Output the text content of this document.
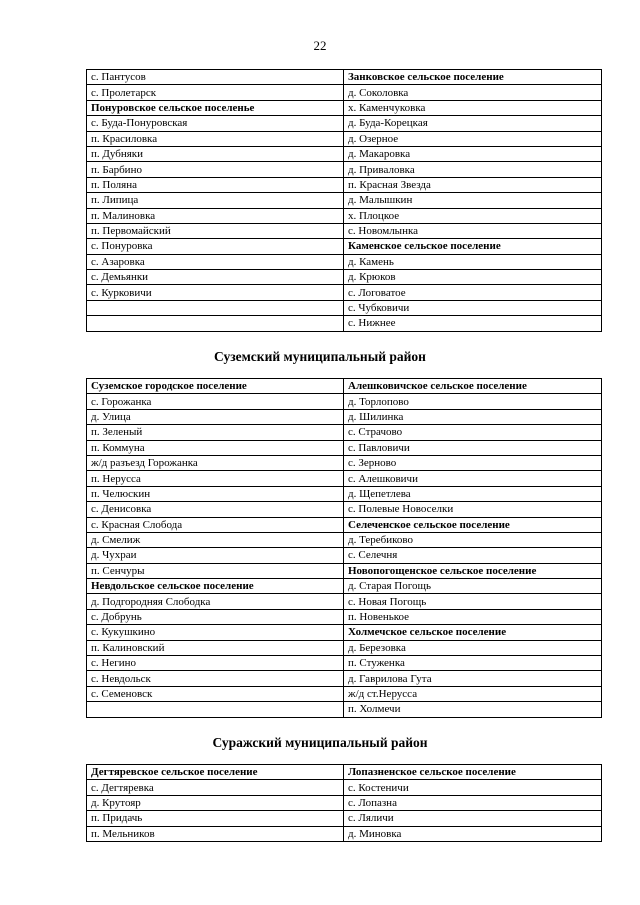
22
с. Пантусов	Занковское сельское поселение
с. Пролетарск	д. Соколовка
Понуровское сельское поселенье	х. Каменчуковка
с. Буда-Понуровская	д. Буда-Корецкая
п. Красиловка	д. Озерное
п. Дубняки	д. Макаровка
п. Барбино	д. Приваловка
п. Поляна	п. Красная Звезда
п. Липица	д. Малышкин
п. Малиновка	х. Плоцкое
п. Первомайский	с. Новомлынка
с. Понуровка	Каменское сельское поселение
с. Азаровка	д. Камень
с. Демьянки	д. Крюков
с. Курковичи	с. Логоватое
	с. Чубковичи
	с. Нижнее
Суземский муниципальный район
Суземское городское поселение	Алешковичское сельское поселение
с. Горожанка	д. Торлопово
д. Улица	д. Шилинка
п. Зеленый	с. Страчово
п. Коммуна	с. Павловичи
ж/д разъезд Горожанка	с. Зерново
п. Нерусса	с. Алешковичи
п. Челюскин	д. Щепетлева
с. Денисовка	с. Полевые Новоселки
с. Красная Слобода	Селеченское сельское поселение
д. Смелиж	д. Теребиково
д. Чухраи	с. Селечня
п. Сенчуры	Новопогощенское сельское поселение
Невдольское сельское поселение	д. Старая Погощь
д. Подгородняя Слободка	с. Новая Погощь
с. Добрунь	п. Новенькое
с. Кукушкино	Холмечское сельское поселение
п. Калиновский	д. Березовка
с. Негино	п. Стуженка
с. Невдольск	д. Гаврилова Гута
с. Семеновск	ж/д ст.Нерусса
	п. Холмечи
Суражский муниципальный район
Дегтяревское сельское поселение	Лопазненское сельское поселение
с. Дегтяревка	с. Костеничи
д. Крутояр	с. Лопазна
п. Придачь	с. Ляличи
п. Мельников	д. Миновка
